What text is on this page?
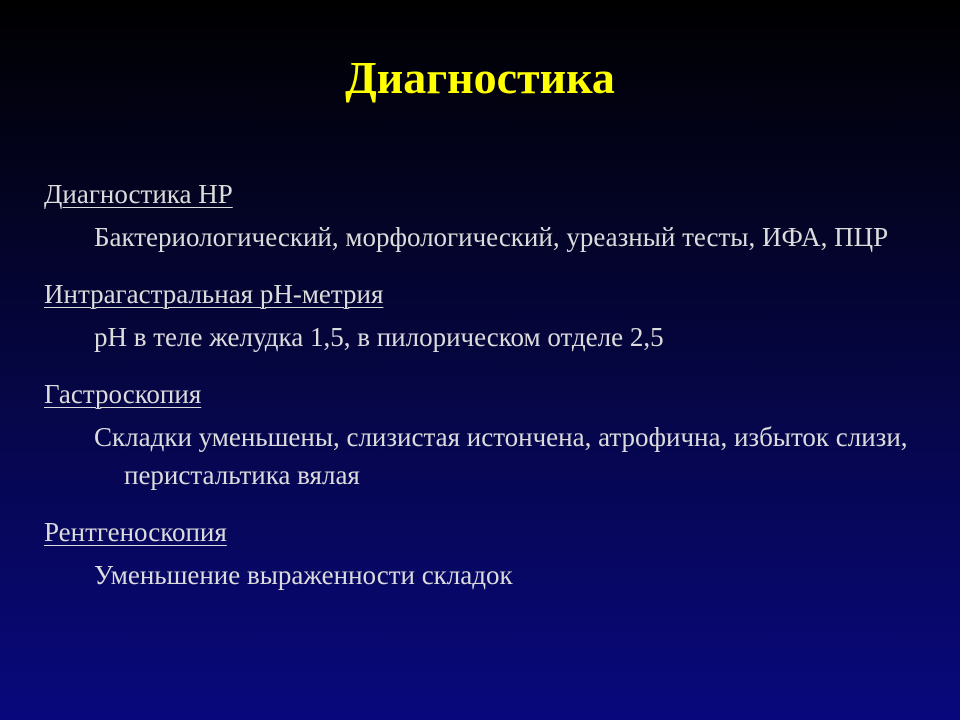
Диагностика
Диагностика НР
Бактериологический, морфологический, уреазный тесты, ИФА, ПЦР
Интрагастральная рН-метрия
рН в теле желудка 1,5, в пилорическом отделе 2,5
Гастроскопия
Складки уменьшены, слизистая истончена, атрофична, избыток слизи, перистальтика вялая
Рентгеноскопия
Уменьшение выраженности складок
